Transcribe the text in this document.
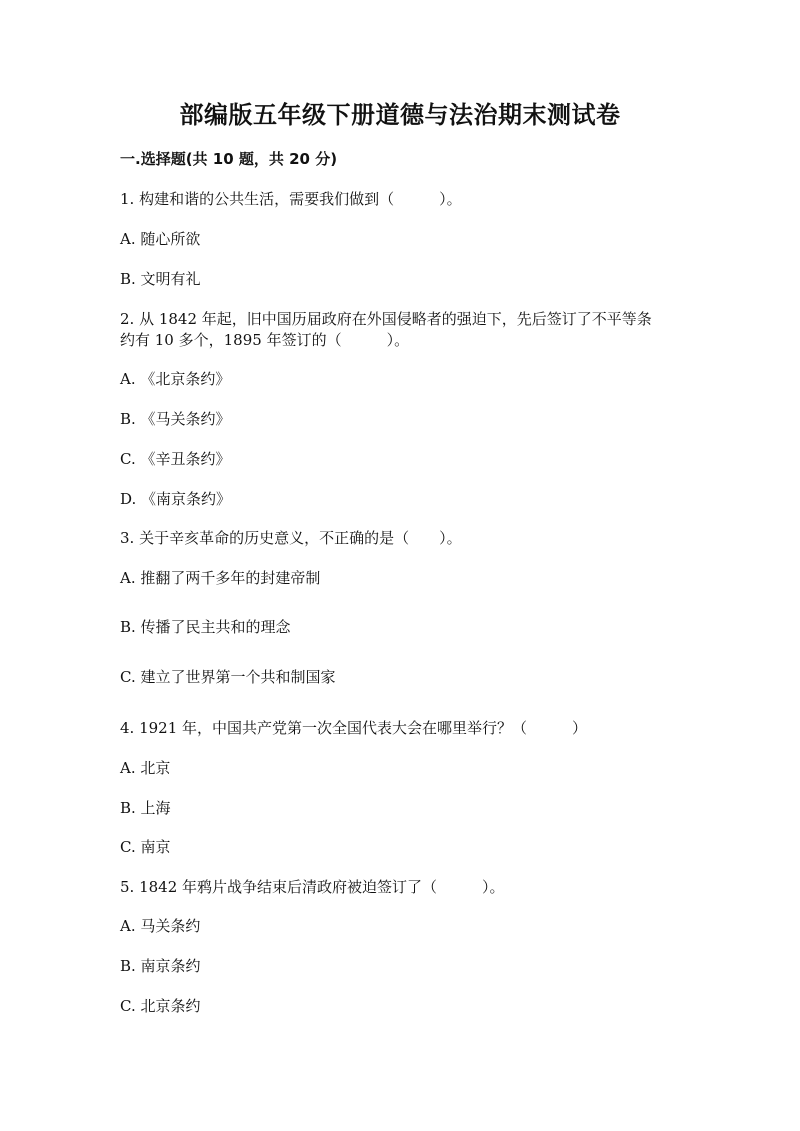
部编版五年级下册道德与法治期末测试卷
一.选择题(共 10 题，共 20 分)
1. 构建和谐的公共生活，需要我们做到（　　　）。
A. 随心所欲
B. 文明有礼
2. 从 1842 年起，旧中国历届政府在外国侵略者的强迫下，先后签订了不平等条
约有 10 多个，1895 年签订的（　　　）。
A. 《北京条约》
B. 《马关条约》
C. 《辛丑条约》
D. 《南京条约》
3. 关于辛亥革命的历史意义，不正确的是（　　）。
A. 推翻了两千多年的封建帝制
B. 传播了民主共和的理念
C. 建立了世界第一个共和制国家
4. 1921 年，中国共产党第一次全国代表大会在哪里举行？（　　　）
A. 北京
B. 上海
C. 南京
5. 1842 年鸦片战争结束后清政府被迫签订了（　　　）。
A. 马关条约
B. 南京条约
C. 北京条约
